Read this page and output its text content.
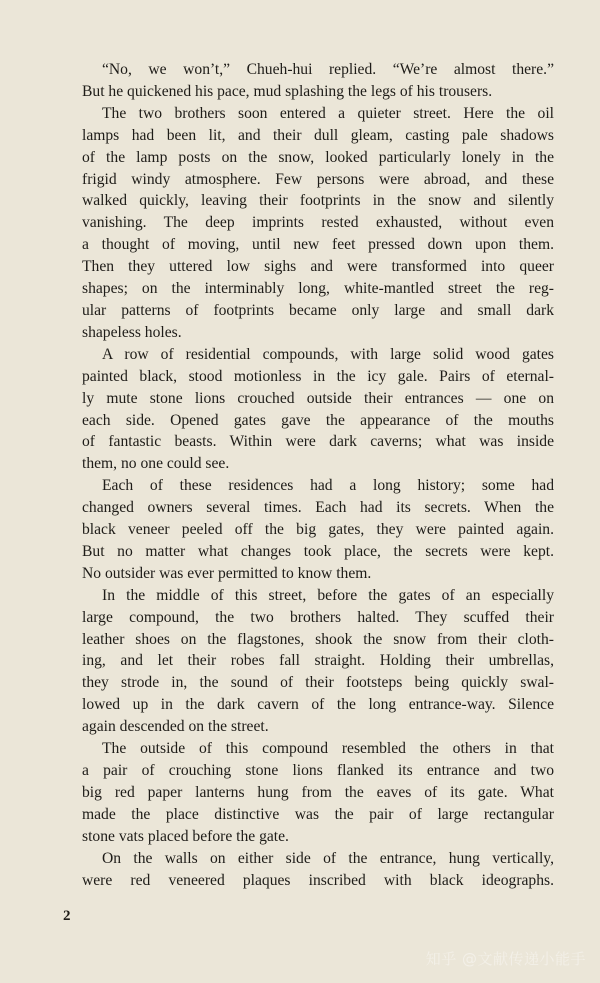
“No, we won’t,” Chueh-hui replied. “We’re almost there.”
But he quickened his pace, mud splashing the legs of his trousers.
The two brothers soon entered a quieter street. Here the oil
lamps had been lit, and their dull gleam, casting pale shadows
of the lamp posts on the snow, looked particularly lonely in the
frigid windy atmosphere. Few persons were abroad, and these
walked quickly, leaving their footprints in the snow and silently
vanishing. The deep imprints rested exhausted, without even
a thought of moving, until new feet pressed down upon them.
Then they uttered low sighs and were transformed into queer
shapes; on the interminably long, white-mantled street the reg-
ular patterns of footprints became only large and small dark
shapeless holes.
A row of residential compounds, with large solid wood gates
painted black, stood motionless in the icy gale. Pairs of eternal-
ly mute stone lions crouched outside their entrances — one on
each side. Opened gates gave the appearance of the mouths
of fantastic beasts. Within were dark caverns; what was inside
them, no one could see.
Each of these residences had a long history; some had
changed owners several times. Each had its secrets. When the
black veneer peeled off the big gates, they were painted again.
But no matter what changes took place, the secrets were kept.
No outsider was ever permitted to know them.
In the middle of this street, before the gates of an especially
large compound, the two brothers halted. They scuffed their
leather shoes on the flagstones, shook the snow from their cloth-
ing, and let their robes fall straight. Holding their umbrellas,
they strode in, the sound of their footsteps being quickly swal-
lowed up in the dark cavern of the long entrance-way. Silence
again descended on the street.
The outside of this compound resembled the others in that
a pair of crouching stone lions flanked its entrance and two
big red paper lanterns hung from the eaves of its gate. What
made the place distinctive was the pair of large rectangular
stone vats placed before the gate.
On the walls on either side of the entrance, hung vertically,
were red veneered plaques inscribed with black ideographs.
2
知乎 @文献传递小能手
